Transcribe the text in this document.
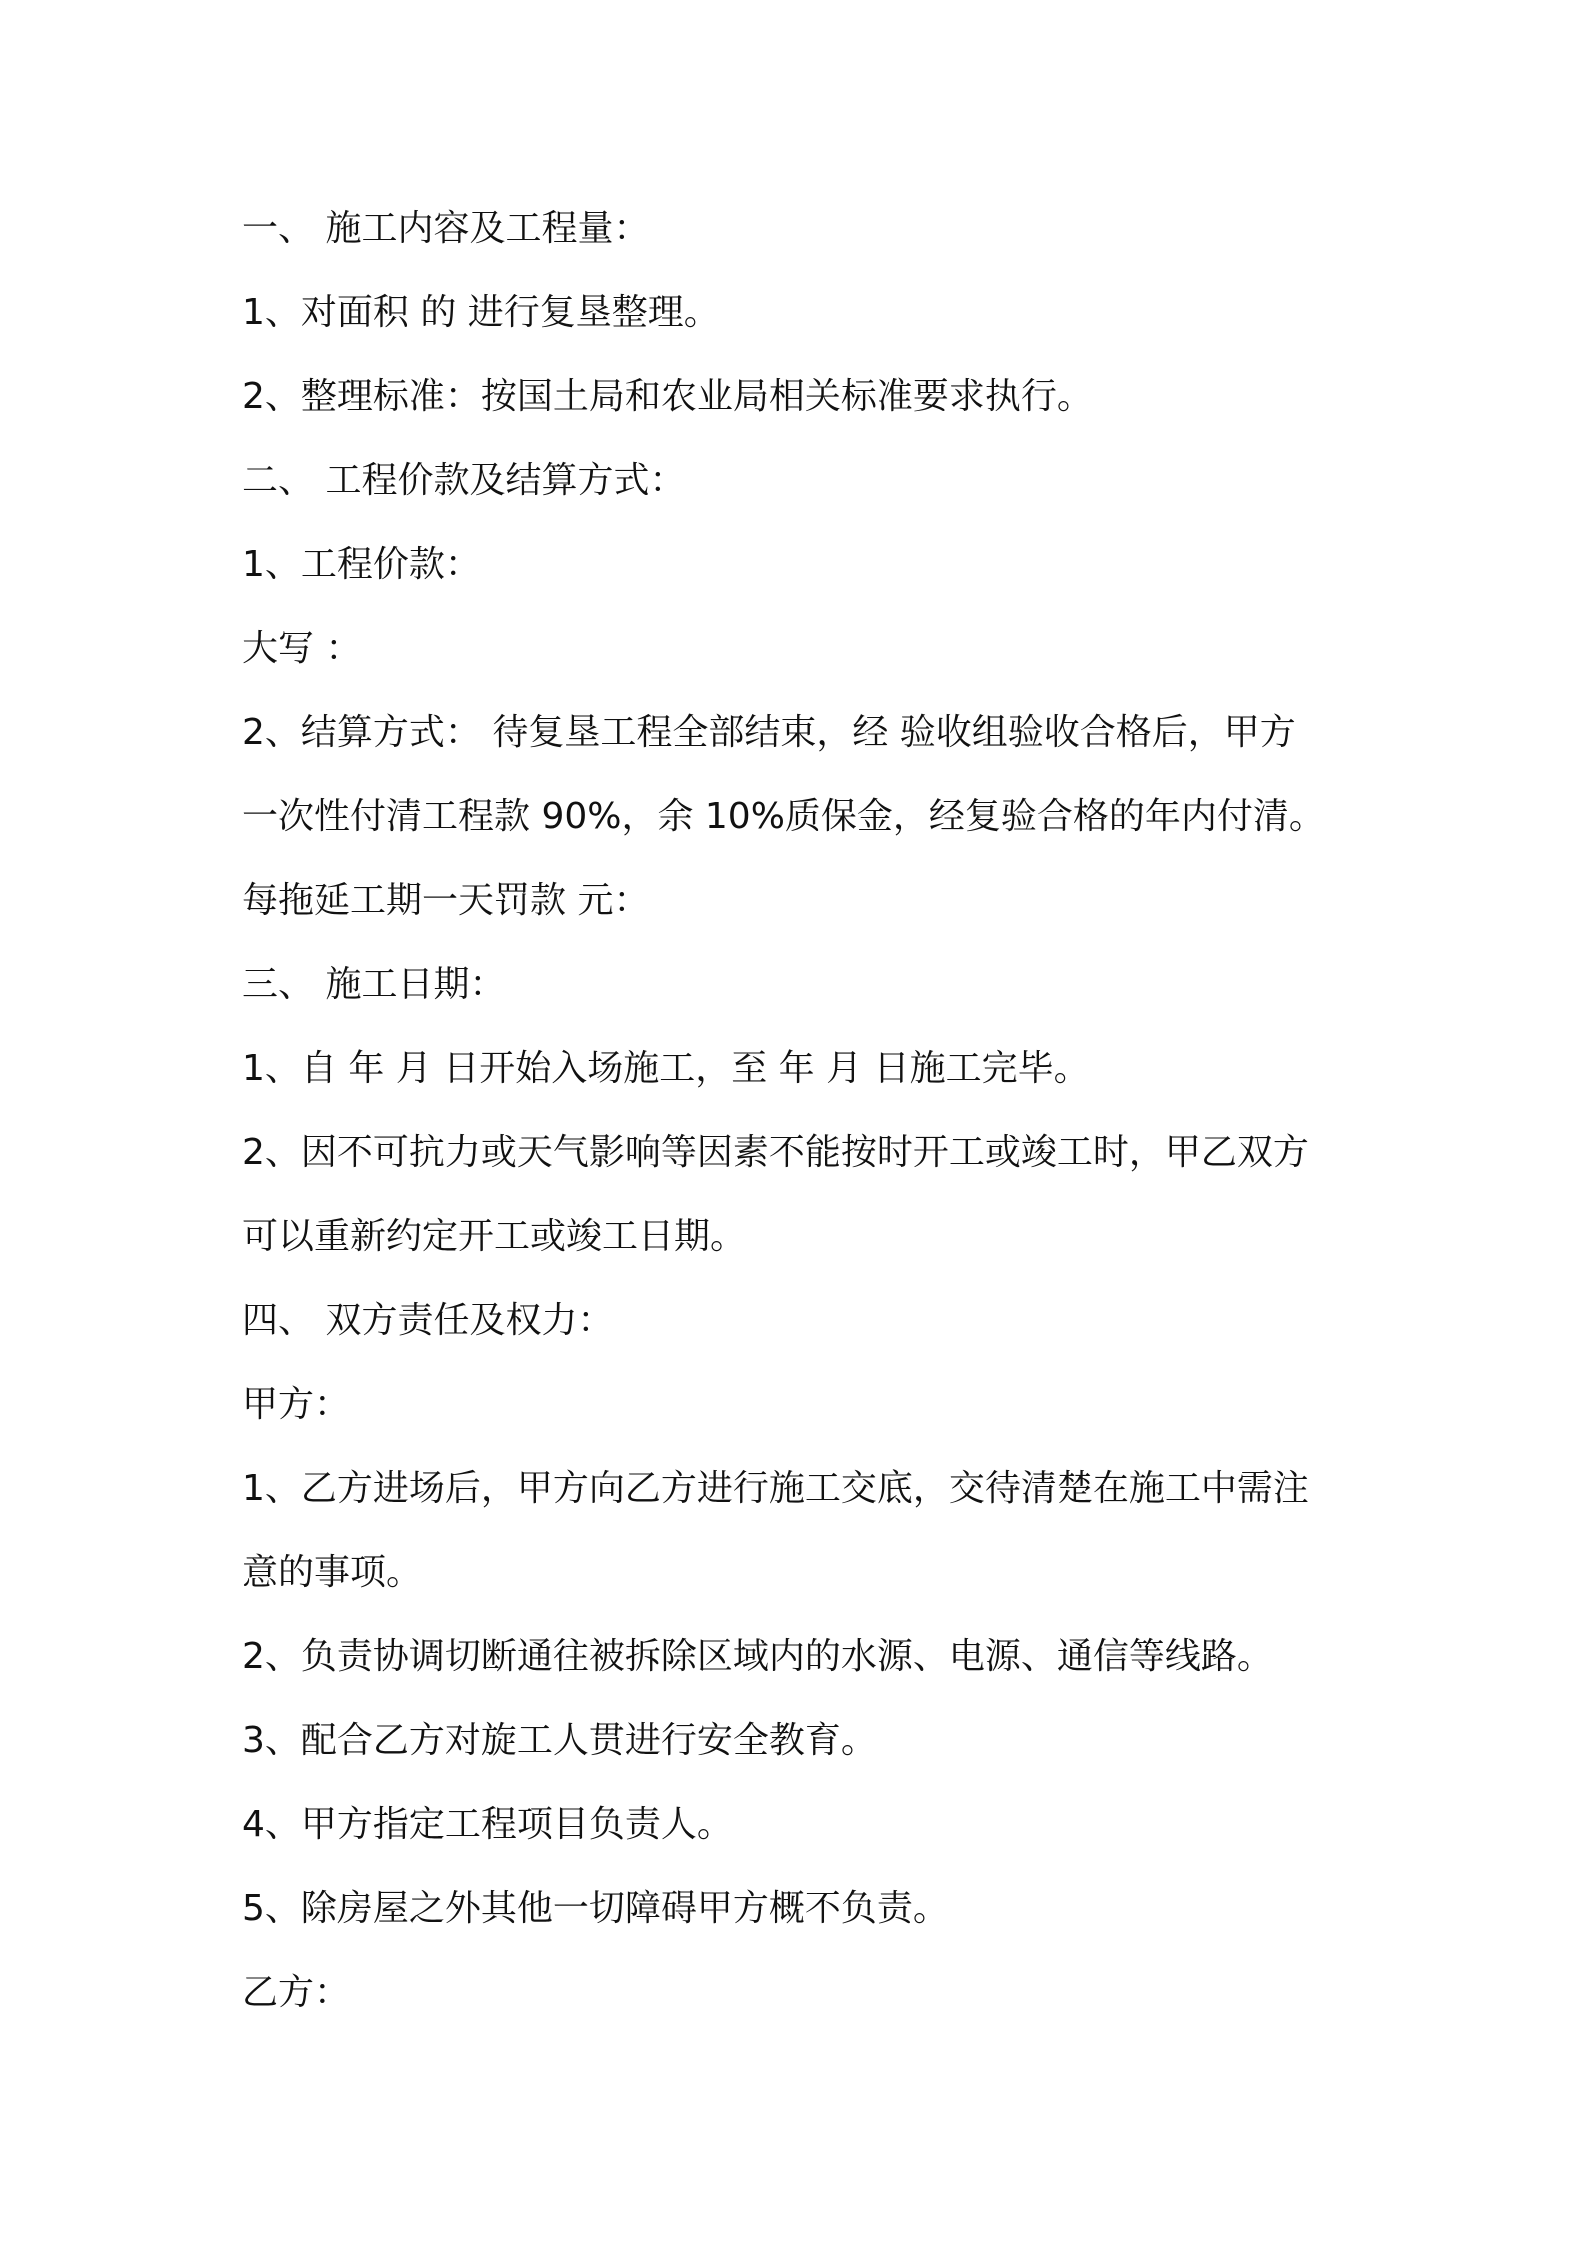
一、 施工内容及工程量：
1、对面积 的 进行复垦整理。
2、整理标准：按国土局和农业局相关标准要求执行。
二、 工程价款及结算方式：
1、工程价款：
大写 ：
2、结算方式： 待复垦工程全部结束，经 验收组验收合格后，甲方
一次性付清工程款 90%，余 10%质保金，经复验合格的年内付清。
每拖延工期一天罚款 元：
三、 施工日期：
1、自 年 月 日开始入场施工，至 年 月 日施工完毕。
2、因不可抗力或天气影响等因素不能按时开工或竣工时，甲乙双方
可以重新约定开工或竣工日期。
四、 双方责任及权力：
甲方：
1、乙方进场后，甲方向乙方进行施工交底，交待清楚在施工中需注
意的事项。
2、负责协调切断通往被拆除区域内的水源、电源、通信等线路。
3、配合乙方对旋工人贯进行安全教育。
4、甲方指定工程项目负责人。
5、除房屋之外其他一切障碍甲方概不负责。
乙方：
